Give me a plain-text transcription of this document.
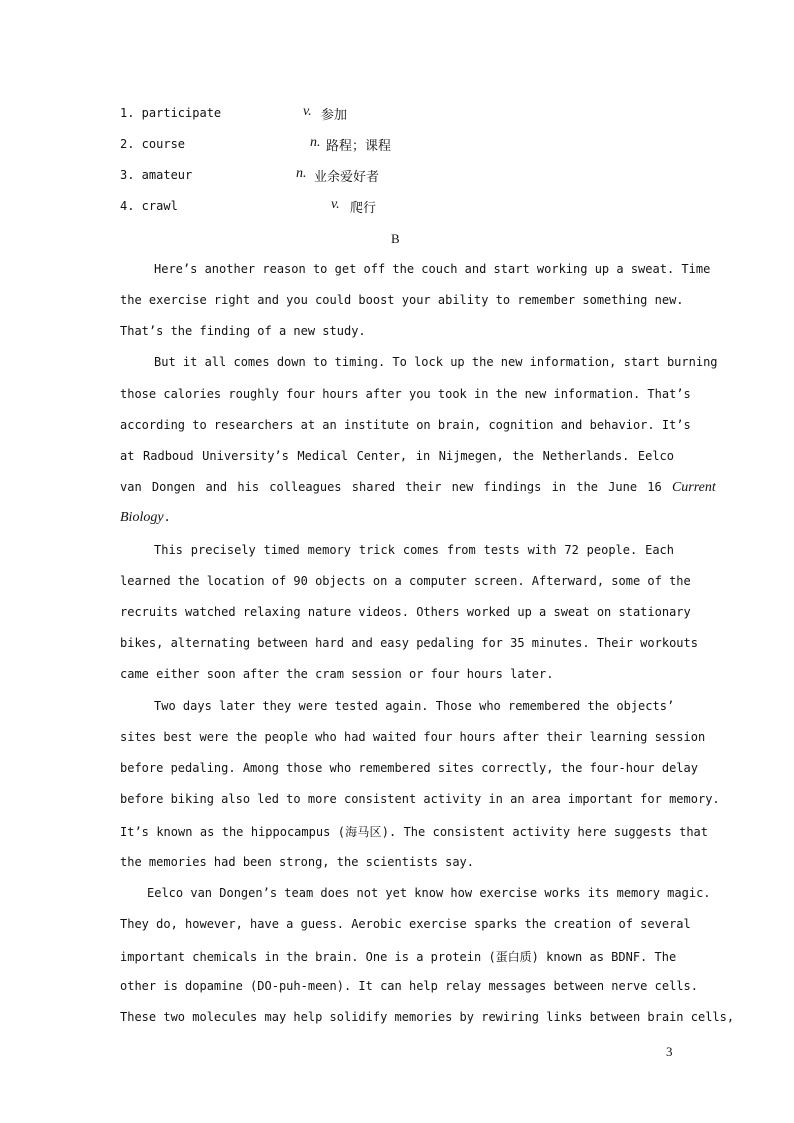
1. participate	v. 参加
2. course	n. 路程；课程
3. amateur	n. 业余爱好者
4. crawl	v. 爬行
B
Here’s another reason to get off the couch and start working up a sweat. Time
the exercise right and you could boost your ability to remember something new.
That’s the finding of a new study.
But it all comes down to timing. To lock up the new information, start burning
those calories roughly four hours after you took in the new information. That’s
according to researchers at an institute on brain, cognition and behavior. It’s
at Radboud University’s Medical Center, in Nijmegen, the Netherlands. Eelco
van Dongen and his colleagues shared their new findings in the June 16 Current
Biology.
This precisely timed memory trick comes from tests with 72 people. Each
learned the location of 90 objects on a computer screen. Afterward, some of the
recruits watched relaxing nature videos. Others worked up a sweat on stationary
bikes, alternating between hard and easy pedaling for 35 minutes. Their workouts
came either soon after the cram session or four hours later.
Two days later they were tested again. Those who remembered the objects’
sites best were the people who had waited four hours after their learning session
before pedaling. Among those who remembered sites correctly, the four-hour delay
before biking also led to more consistent activity in an area important for memory.
It’s known as the hippocampus (海马区). The consistent activity here suggests that
the memories had been strong, the scientists say.
Eelco van Dongen’s team does not yet know how exercise works its memory magic.
They do, however, have a guess. Aerobic exercise sparks the creation of several
important chemicals in the brain. One is a protein (蛋白质) known as BDNF. The
other is dopamine (DO-puh-meen). It can help relay messages between nerve cells.
These two molecules may help solidify memories by rewiring links between brain cells,
3
